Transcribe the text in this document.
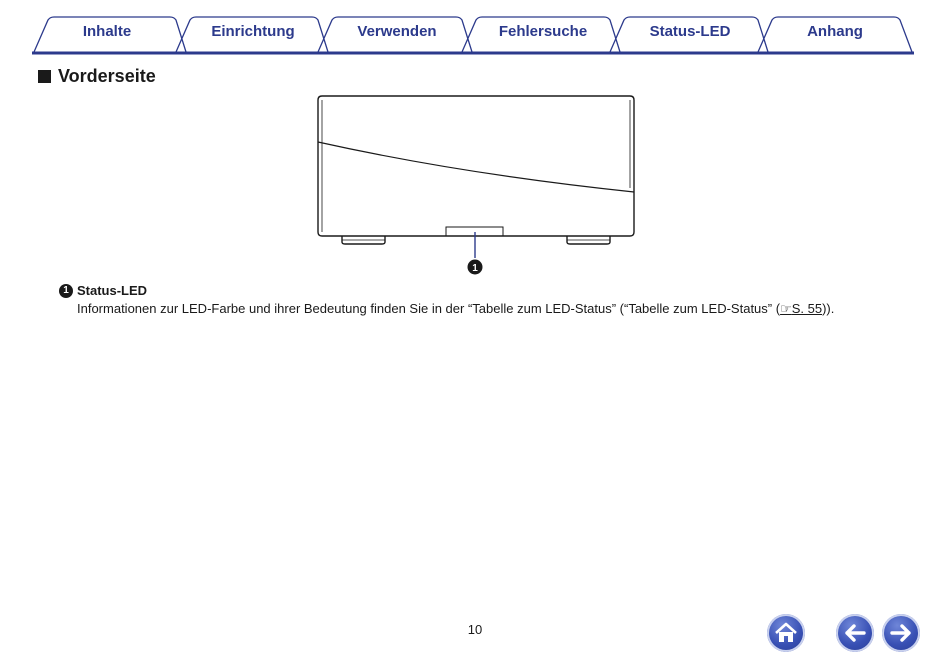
Inhalte	Einrichtung	Verwenden	Fehlersuche	Status-LED	Anhang
Vorderseite
1
1 Status-LED
Informationen zur LED-Farbe und ihrer Bedeutung finden Sie in der “Tabelle zum LED-Status” (“Tabelle zum LED-Status” (☞S. 55)).
10
